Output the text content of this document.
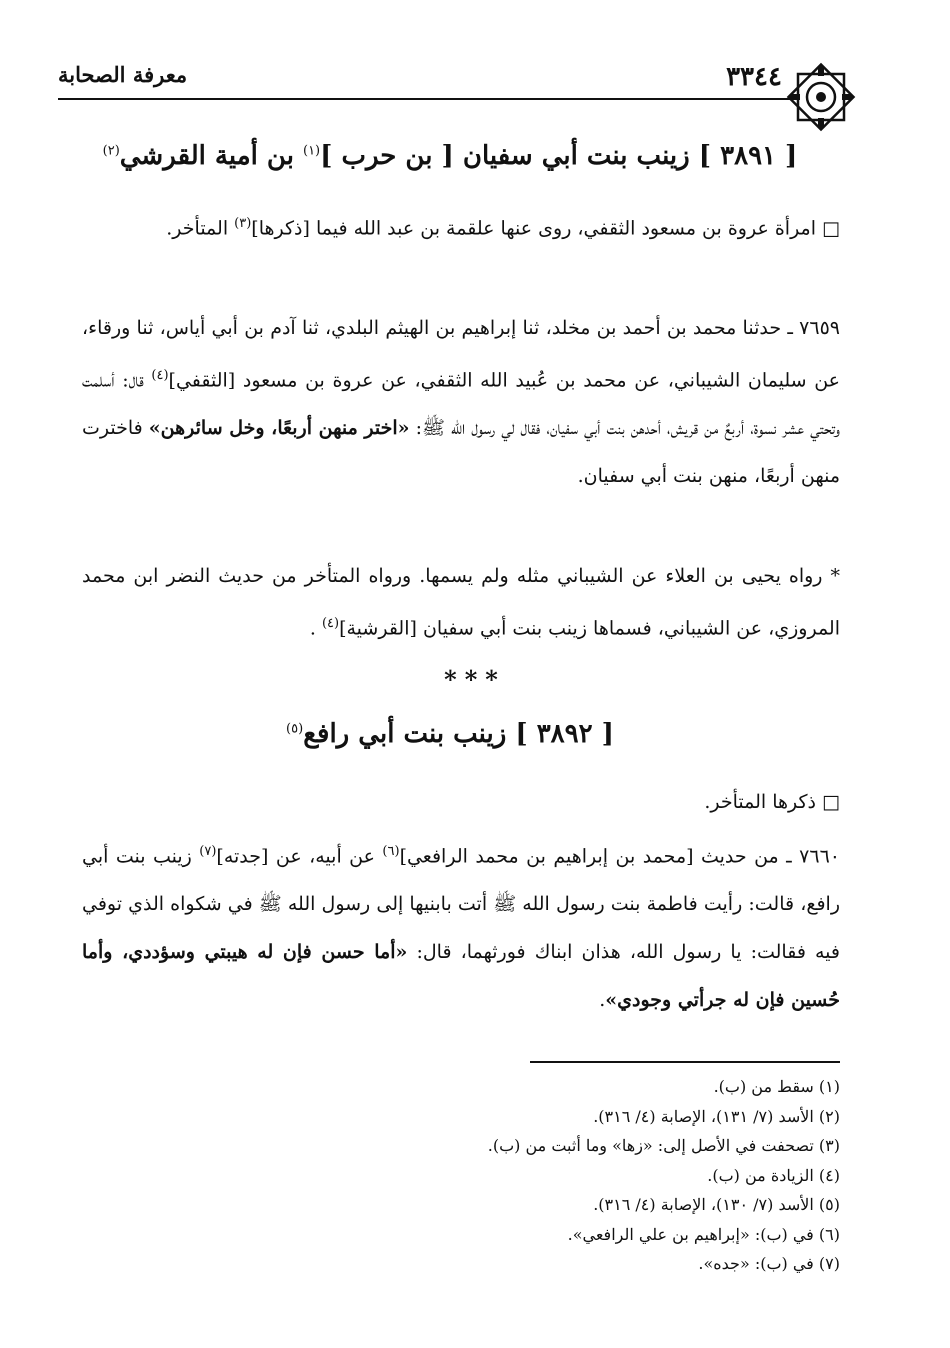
٣٣٤٤
معرفة الصحابة
[ ٣٨٩١ ] زينب بنت أبي سفيان [ بن حرب ]$^{(١)}$ بن أمية القرشي$^{(٢)}$
□ امرأة عروة بن مسعود الثقفي، روى عنها علقمة بن عبد الله فيما [ذكرها]$^{(٣)}$ المتأخر.
٧٦٥٩ ـ حدثنا محمد بن أحمد بن مخلد، ثنا إبراهيم بن الهيثم البلدي، ثنا آدم بن أبي أياس، ثنا ورقاء، عن سليمان الشيباني، عن محمد بن عُبيد الله الثقفي، عن عروة بن مسعود [الثقفي]$^{(٤)}$ قال: أسلمت وتحتي عشر نسوة، أربعٌ من قريش، أحدهن بنت أبي سفيان، فقال لي رسول الله ﷺ: «اختر منهن أربعًا، وخل سائرهن» فاخترت منهن أربعًا، منهن بنت أبي سفيان.
* رواه يحيى بن العلاء عن الشيباني مثله ولم يسمها. ورواه المتأخر من حديث النضر ابن محمد المروزي، عن الشيباني، فسماها زينب بنت أبي سفيان [القرشية]$^{(٤)}$ .
***
[ ٣٨٩٢ ] زينب بنت أبي رافع$^{(٥)}$
□ ذكرها المتأخر.
٧٦٦٠ ـ من حديث [محمد بن إبراهيم بن محمد الرافعي]$^{(٦)}$ عن أبيه، عن [جدته]$^{(٧)}$ زينب بنت أبي رافع، قالت: رأيت فاطمة بنت رسول الله ﷺ أتت بابنيها إلى رسول الله ﷺ في شكواه الذي توفي فيه فقالت: يا رسول الله، هذان ابناك فورثهما، قال: «أما حسن فإن له هيبتي وسؤددي، وأما حُسين فإن له جرأتي وجودي».
(١) سقط من (ب).
(٢) الأسد (٧/ ١٣١)، الإصابة (٤/ ٣١٦).
(٣) تصحفت في الأصل إلى: «زها» وما أثبت من (ب).
(٤) الزيادة من (ب).
(٥) الأسد (٧/ ١٣٠)، الإصابة (٤/ ٣١٦).
(٦) في (ب): «إبراهيم بن علي الرافعي».
(٧) في (ب): «جده».
